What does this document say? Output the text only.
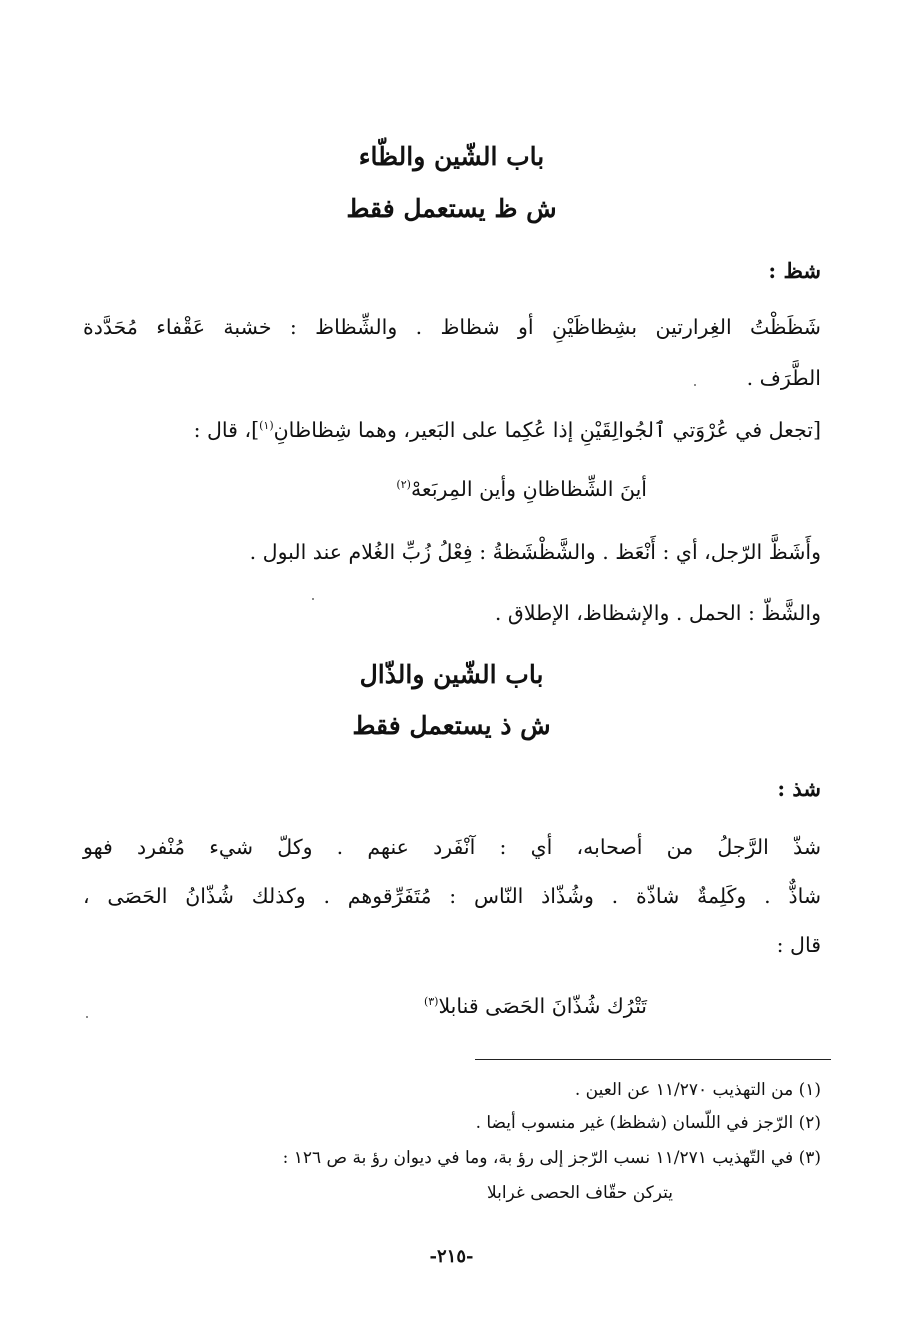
باب الشّين والظّاء
ش ظ يستعمل فقط
شظ :
شَظَظْتُ الغِرارتين بشِظاظَيْنِ أو شظاظ . والشِّظاظ : خشبة عَقْفاء مُحَدَّدة
الطَّرَف .
[تجعل في عُرْوَتي ٱلجُوالِقَيْنِ إذا عُكِما على البَعير، وهما شِظاظانِ$^{(١)}$]، قال :
أينَ الشِّظاظانِ وأين المِربَعهْ$^{(٢)}$
وأَشَظَّ الرّجل، أي : أَنْعَظ . والشَّظْشَظةُ : فِعْلُ زُبِّ الغُلام عند البول .
والشَّظّ : الحمل . والإشظاظ، الإطلاق .
باب الشّين والذّال
ش ذ يستعمل فقط
شذ :
شذّ الرَّجلُ من أصحابه، أي : آنْفَرد عنهم . وكلّ شيء مُنْفرد فهو
شاذٌّ . وكَلِمةٌ شاذّة . وشُذّاذ النّاس : مُتَفَرِّقوهم . وكذلك شُذّانُ الحَصَى ،
قال :
تَتْرُك شُذّانَ الحَصَى قنابلا$^{(٣)}$
(١) من التهذيب ١١/٢٧٠ عن العين .
(٢) الرّجز في اللّسان (شظظ) غير منسوب أيضا .
(٣) في التّهذيب ١١/٢٧١ نسب الرّجز إلى رؤ بة، وما في ديوان رؤ بة ص ١٢٦ :
يتركن حقّاف الحصى غرابلا
-٢١٥-
